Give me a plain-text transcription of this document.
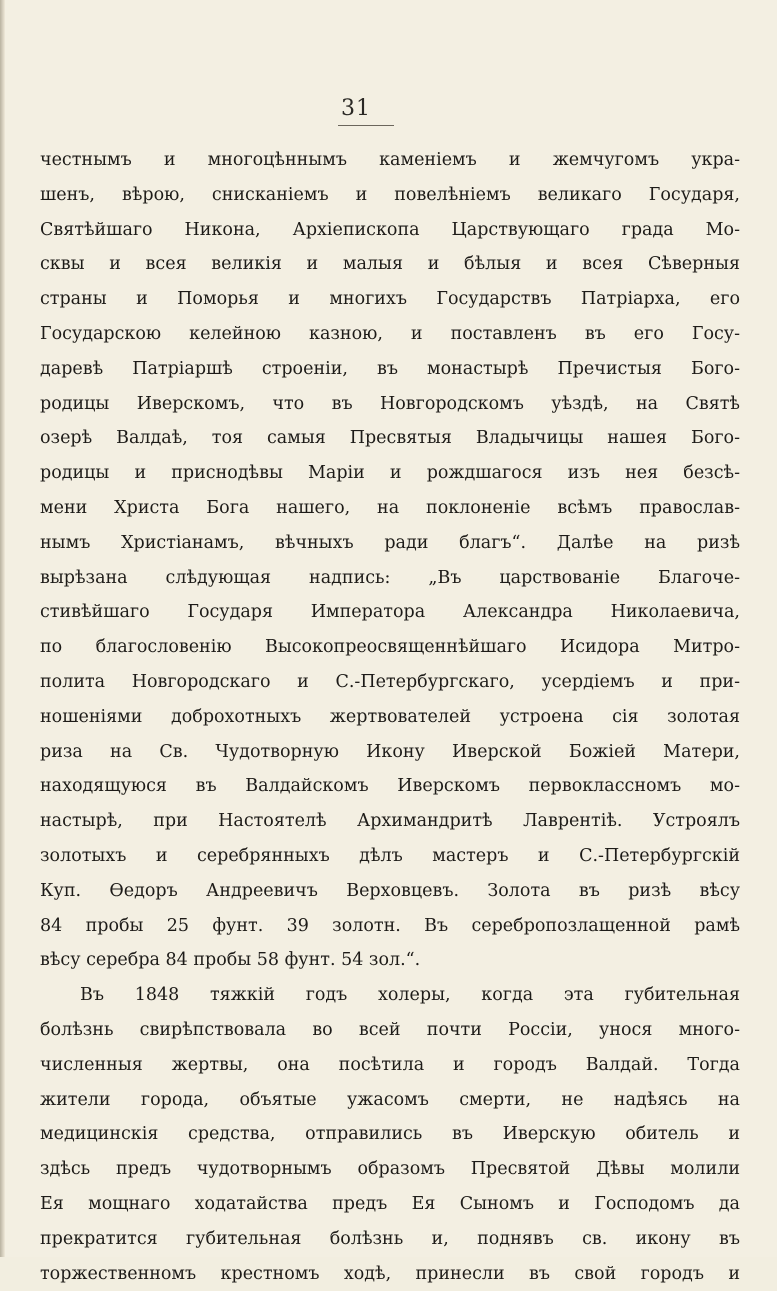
31
честнымъ и многоцѣннымъ каменіемъ и жемчугомъ укра-
шенъ, вѣрою, снисканіемъ и повелѣніемъ великаго Государя,
Святѣйшаго Никона, Архіепископа Царствующаго града Мо-
сквы и всея великія и малыя и бѣлыя и всея Сѣверныя
страны и Поморья и многихъ Государствъ Патріарха, его
Государскою келейною казною, и поставленъ въ его Госу-
даревѣ Патріаршѣ строеніи, въ монастырѣ Пречистыя Бого-
родицы Иверскомъ, что въ Новгородскомъ уѣздѣ, на Святѣ
озерѣ Валдаѣ, тоя самыя Пресвятыя Владычицы нашея Бого-
родицы и приснодѣвы Маріи и рождшагося изъ нея безсѣ-
мени Христа Бога нашего, на поклоненіе всѣмъ православ-
нымъ Христіанамъ, вѣчныхъ ради благъ“. Далѣе на ризѣ
вырѣзана слѣдующая надпись: „Въ царствованіе Благоче-
стивѣйшаго Государя Императора Александра Николаевича,
по благословенію Высокопреосвященнѣйшаго Исидора Митро-
полита Новгородскаго и С.-Петербургскаго, усердіемъ и при-
ношеніями доброхотныхъ жертвователей устроена сія золотая
риза на Св. Чудотворную Икону Иверской Божіей Матери,
находящуюся въ Валдайскомъ Иверскомъ первоклассномъ мо-
настырѣ, при Настоятелѣ Архимандритѣ Лаврентіѣ. Устроялъ
золотыхъ и серебрянныхъ дѣлъ мастеръ и С.-Петербургскій
Куп. Ѳедоръ Андреевичъ Верховцевъ. Золота въ ризѣ вѣсу
84 пробы 25 фунт. 39 золотн. Въ серебропозлащенной рамѣ
вѣсу серебра 84 пробы 58 фунт. 54 зол.“.
Въ 1848 тяжкій годъ холеры, когда эта губительная
болѣзнь свирѣпствовала во всей почти Россіи, унося много-
численныя жертвы, она посѣтила и городъ Валдай. Тогда
жители города, объятые ужасомъ смерти, не надѣясь на
медицинскія средства, отправились въ Иверскую обитель и
здѣсь предъ чудотворнымъ образомъ Пресвятой Дѣвы молили
Ея мощнаго ходатайства предъ Ея Сыномъ и Господомъ да
прекратится губительная болѣзнь и, поднявъ св. икону въ
торжественномъ крестномъ ходѣ, принесли въ свой городъ и
